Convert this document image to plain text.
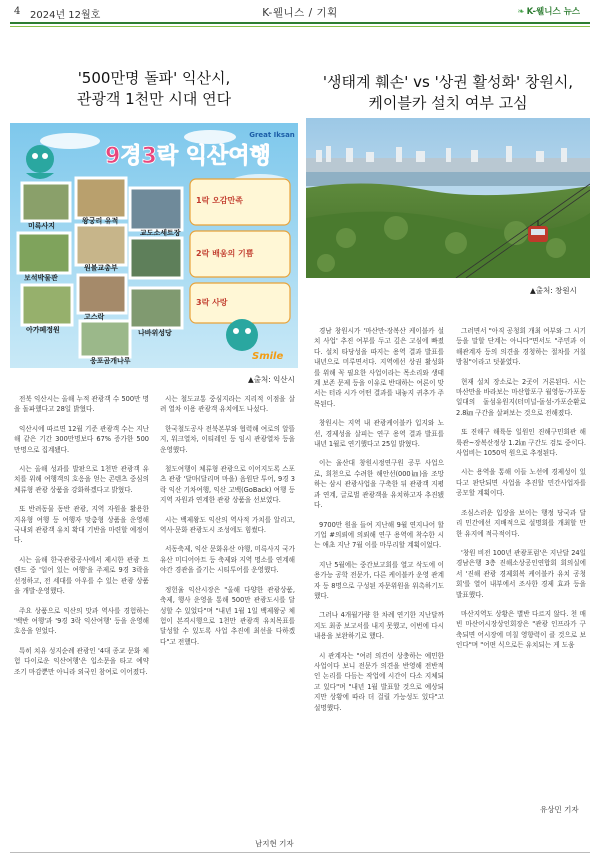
4 2024년 12월호	K-웰니스 / 기획	❧ K-웰니스 뉴스
'500만명 돌파' 익산시,
관광객 1천만 시대 연다
9경3락 익산여행
Great Iksan
미륵사지
왕궁리 유적
보석박물관
원불교총부
고스락
아가페정원
교도소세트장
나바위성당
웅포곰개나루
1락 오감만족
2락 배움의 기쁨
3락 사랑
Smile
▲출처: 익산시

전북 익산시는 올해 누적 관광객 수 500만 명을 돌파했다고 28일 밝혔다.

익산시에 따르면 12월 기준 관광객 수는 지난해 같은 기간 300만명보다 67% 증가한 500만명으로 집계됐다.

시는 올해 성과를 발판으로 1천만 관광객 유치를 위해 여행객의 호응을 얻는 콘텐츠 중심의 체류형 관광 상품을 강화하겠다고 밝혔다.

또 반려동물 동반 관광, 지역 자원을 활용한 지유형 여행 등 여행자 맞춤형 상품을 운영해 국내외 관광객 유치 확대 기반을 마련할 예정이다.

시는 올해 한국관광공사에서 제시한 관광 트렌드 중 '일어 있는 여행'을 주제로 9경 3락을 선정하고, 전 세대를 아우를 수 있는 관광 상품을 개발·운영했다.

주요 상품으로 익산의 맛과 역사를 경험하는 '백반 여행'과 '9경 3락 익산여행' 등을 운영해 호응을 얻었다.

특히 치유 성지순례 관광인 '4대 종교 문화 체험 다이로운 익산여행'은 입소문을 타고 예약 조기 마감뿐만 아니라 외국인 참여로 이어졌다.

시는 철도교통 중심지라는 지리적 이점을 살려 열차 이용 관광객 유치에도 나섰다.

한국철도공사 전북본부와 협력해 여로의 알뜰지, 워크열차, 이티레인 등 임시 관광열차 등을 운영했다.

철도여행이 체류형 관광으로 이어지도록 스포츠 관광 '달마(달리며 마을) 음원단 투어, 9경 3락 익산 기차여행, 익산 고백(GoBack) 여행 등 지역 자원과 연계한 관광 상품을 선보였다.

시는 백제왕도 익산의 역사적 가치를 알리고, 역사·문화 관광도시 조성에도 힘썼다.

서동축제, 익산 문화유산 야행, 미륵사지 국가유산 미디어아트 등 축제와 지역 명소를 연계해 야간 경관을 즐기는 시티투어를 운영했다.

정헌율 익산시장은 "올해 다양한 관광상품, 축제, 행사 운영을 통해 500만 관광도시를 달성할 수 있었다"며 "내년 1월 1일 백제왕궁 체험이 본격시행으로 1천만 관광객 유치목표를 달성할 수 있도록 사업 추진에 최선을 다하겠다"고 전했다.

남지현 기자
'생태계 훼손' vs '상권 활성화' 창원시,
케이블카 설치 여부 고심
▲출처: 창원시

경남 창원시가 '마산만-장복산 케이블카 설치 사업' 추진 여부를 두고 깊은 고심에 빠졌다. 설치 타당성을 따지는 용역 결과 발표를 내년으로 미루면서다. 지역에선 상권 활성화를 위해 꼭 필요한 사업이라는 목소리와 생태계 보존 문제 등을 이유로 반대하는 여론이 맞서는 터라 시가 어떤 결과를 내놓지 귀추가 주목된다.

창원시는 지역 내 관광케이블카 입지와 노선, 경제성을 살피는 연구 용역 결과 발표를 내년 1월로 연기했다고 25일 밝혔다.

이는 울산대 창원시정연구원 공무 사업으로, 희천으로 수려한 해안선(000㎞)을 조망하는 삼시 관광사업을 구축한 뒤 관광객 지평과 연계, 글로벌 관광객을 유치하고자 추진됐다.

9700만 원을 들여 지난해 9월 연지나어 할 기업 #의뢰에 의뢰해 연구 용역에 착수한 시는 애초 지난 7월 이를 마무리할 계획이었다.

지난 5월에는 중간보고회를 열고 삭도에 이용가능 공학 전문가, 다른 케이블카 운영 관계자 등 8명으로 구성된 자문위원을 위촉하기도 했다.

그러나 4개월가량 한 차례 연기한 지난달까지도 최종 보고서를 내지 못했고, 이번에 다시 내용을 보완하기로 했다.

시 관계자는 "여러 의견이 상충하는 예민한 사업이다 보니 전문가 의견을 반영해 전반적인 논리를 다듬는 작업에 시간이 다소 지체되고 있다"며 "내년 1월 발표할 것으로 예상되지만 상황에 따라 더 걸릴 가능성도 있다"고 설명했다.

그러면서 "아직 공청회 개최 여부와 그 시기 등을 말할 단계는 아니다"면서도 "주민과 이해관계자 등의 의견을 경청하는 절차를 거칠 방침"이라고 덧붙였다.

현재 설치 장소로는 2곳이 거론된다. 시는 마산만을 바라보는 마산합포구 월영동-가포동 일대의 돝섬유원지(터미널-돝섬-가포순환로 2.8㎞ 구간을 살펴보는 것으로 전해졌다.

또 진해구 해륙동 일원인 진해구민회관 해륙관~장복산정상 1.2㎞ 구간도 검토 중이다. 사업비는 1050억 원으로 추정된다.

시는 용역을 통해 이들 노선에 경제성이 있다고 판단되면 사업을 추진할 민간사업자를 공모할 계획이다.

조심스러운 입장을 보이는 행정 당국과 달리 민간에선 지배적으로 설명회를 개최할 만한 유지에 적극적이다.

'창원 비전 100년 관광포럼'은 지난달 24일 경남은행 3층 진해소상공인연합회 회의실에서 '진해 관광 경제회복 케이블카 유치 공청회'를 열어 내부에서 조사한 경제 효과 등을 발표했다.

마산지역도 상황은 별반 다르지 않다. 천 매빈 마산어시장상인회장은 "관광 인프라가 구축되면 어시장에 미칠 영향력이 클 것으로 보인다"며 "어떤 식으로든 유치되는 게 도움

유상민 기자
